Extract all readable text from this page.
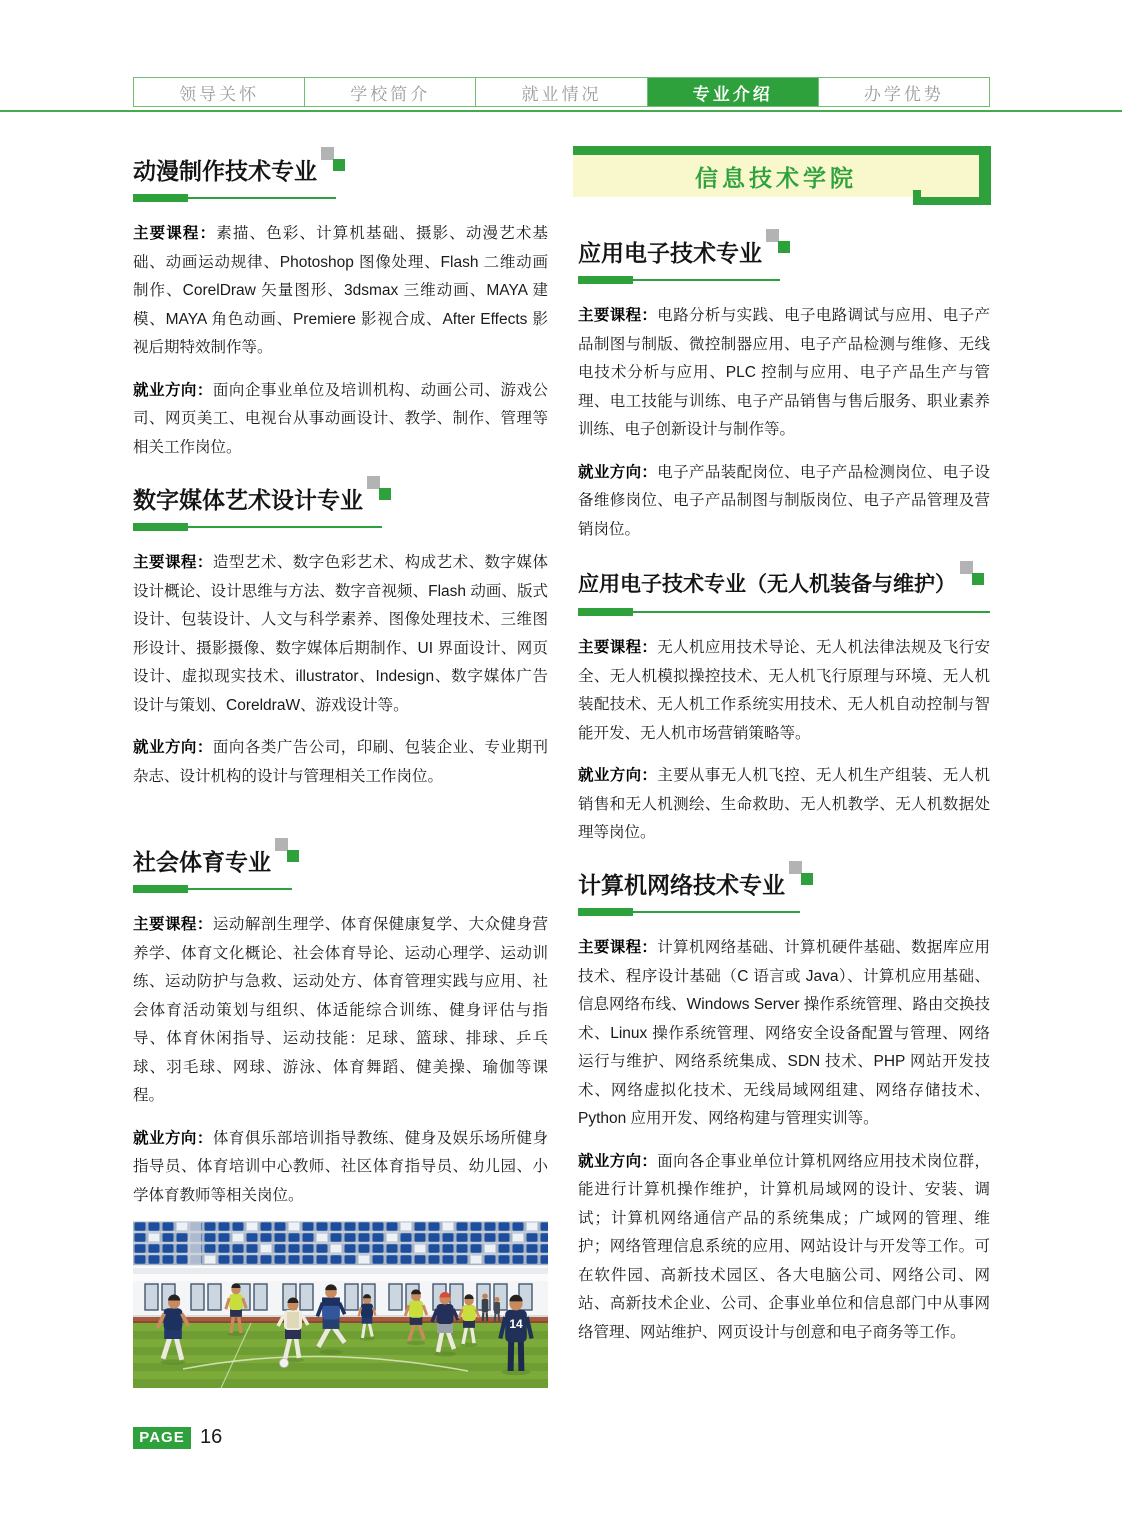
领导关怀	学校简介	就业情况	专业介绍	办学优势
动漫制作技术专业

主要课程：素描、色彩、计算机基础、摄影、动漫艺术基础、动画运动规律、Photoshop 图像处理、Flash 二维动画制作、CorelDraw 矢量图形、3dsmax 三维动画、MAYA 建模、MAYA 角色动画、Premiere 影视合成、After Effects 影视后期特效制作等。

就业方向：面向企事业单位及培训机构、动画公司、游戏公司、网页美工、电视台从事动画设计、教学、制作、管理等相关工作岗位。

数字媒体艺术设计专业

主要课程：造型艺术、数字色彩艺术、构成艺术、数字媒体设计概论、设计思维与方法、数字音视频、Flash 动画、版式设计、包装设计、人文与科学素养、图像处理技术、三维图形设计、摄影摄像、数字媒体后期制作、UI 界面设计、网页设计、虚拟现实技术、illustrator、Indesign、数字媒体广告设计与策划、CoreldraW、游戏设计等。

就业方向：面向各类广告公司，印刷、包装企业、专业期刊杂志、设计机构的设计与管理相关工作岗位。

社会体育专业

主要课程：运动解剖生理学、体育保健康复学、大众健身营养学、体育文化概论、社会体育导论、运动心理学、运动训练、运动防护与急救、运动处方、体育管理实践与应用、社会体育活动策划与组织、体适能综合训练、健身评估与指导、体育休闲指导、运动技能：足球、篮球、排球、乒乓球、羽毛球、网球、游泳、体育舞蹈、健美操、瑜伽等课程。

就业方向：体育俱乐部培训指导教练、健身及娱乐场所健身指导员、体育培训中心教师、社区体育指导员、幼儿园、小学体育教师等相关岗位。

14
信息技术学院
应用电子技术专业

主要课程：电路分析与实践、电子电路调试与应用、电子产品制图与制版、微控制器应用、电子产品检测与维修、无线电技术分析与应用、PLC 控制与应用、电子产品生产与管理、电工技能与训练、电子产品销售与售后服务、职业素养训练、电子创新设计与制作等。

就业方向：电子产品装配岗位、电子产品检测岗位、电子设备维修岗位、电子产品制图与制版岗位、电子产品管理及营销岗位。

应用电子技术专业（无人机装备与维护）

主要课程：无人机应用技术导论、无人机法律法规及飞行安全、无人机模拟操控技术、无人机飞行原理与环境、无人机装配技术、无人机工作系统实用技术、无人机自动控制与智能开发、无人机市场营销策略等。

就业方向：主要从事无人机飞控、无人机生产组装、无人机销售和无人机测绘、生命救助、无人机教学、无人机数据处理等岗位。

计算机网络技术专业

主要课程：计算机网络基础、计算机硬件基础、数据库应用技术、程序设计基础（C 语言或 Java）、计算机应用基础、信息网络布线、Windows Server 操作系统管理、路由交换技术、Linux 操作系统管理、网络安全设备配置与管理、网络运行与维护、网络系统集成、SDN 技术、PHP 网站开发技术、网络虚拟化技术、无线局域网组建、网络存储技术、Python 应用开发、网络构建与管理实训等。

就业方向：面向各企事业单位计算机网络应用技术岗位群，能进行计算机操作维护，计算机局域网的设计、安装、调试；计算机网络通信产品的系统集成；广域网的管理、维护；网络管理信息系统的应用、网站设计与开发等工作。可在软件园、高新技术园区、各大电脑公司、网络公司、网站、高新技术企业、公司、企事业单位和信息部门中从事网络管理、网站维护、网页设计与创意和电子商务等工作。

PAGE 16
